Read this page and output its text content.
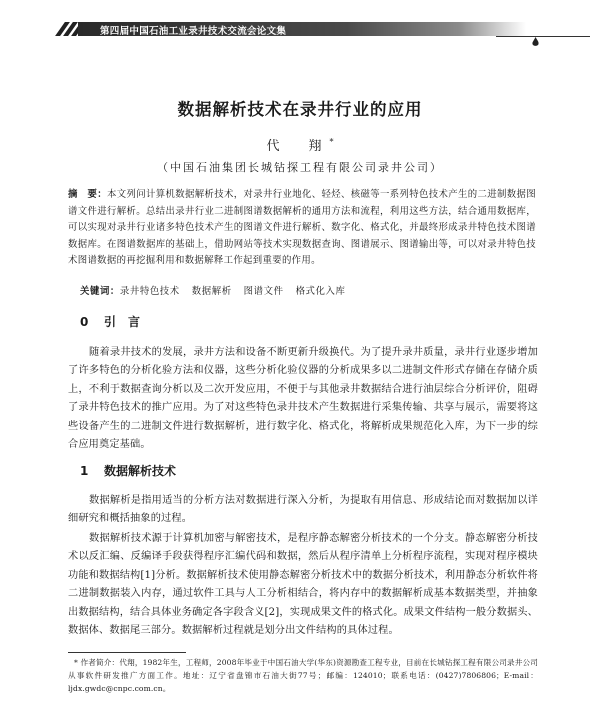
第四届中国石油工业录井技术交流会论文集
数据解析技术在录井行业的应用
代　翔*
（中国石油集团长城钻探工程有限公司录井公司）
摘　要：本文列问计算机数据解析技术，对录井行业地化、轻烃、核磁等一系列特色技术产生的二进制数据图谱文件进行解析。总结出录井行业二进制图谱数据解析的通用方法和流程，利用这些方法，结合通用数据库，可以实现对录井行业诸多特色技术产生的图谱文件进行解析、数字化、格式化，并最终形成录井特色技术图谱数据库。在图谱数据库的基础上，借助网站等技术实现数据查询、图谱展示、图谱输出等，可以对录井特色技术图谱数据的再挖掘利用和数据解释工作起到重要的作用。
关键词：录井特色技术 数据解析 图谱文件 格式化入库
0 引　言
随着录井技术的发展，录井方法和设备不断更新升级换代。为了提升录井质量，录井行业逐步增加了许多特色的分析化验方法和仪器，这些分析化验仪器的分析成果多以二进制文件形式存储在存储介质上，不利于数据查询分析以及二次开发应用，不便于与其他录井数据结合进行油层综合分析评价，阻碍了录井特色技术的推广应用。为了对这些特色录井技术产生数据进行采集传输、共享与展示，需要将这些设备产生的二进制文件进行数据解析，进行数字化、格式化，将解析成果规范化入库，为下一步的综合应用奠定基础。
1 数据解析技术
数据解析是指用适当的分析方法对数据进行深入分析，为提取有用信息、形成结论而对数据加以详细研究和概括抽象的过程。
数据解析技术源于计算机加密与解密技术，是程序静态解密分析技术的一个分支。静态解密分析技术以反汇编、反编译手段获得程序汇编代码和数据，然后从程序清单上分析程序流程，实现对程序模块功能和数据结构[1]分析。数据解析技术使用静态解密分析技术中的数据分析技术，利用静态分析软件将二进制数据装入内存，通过软件工具与人工分析相结合，将内存中的数据解析成基本数据类型，并抽象出数据结构，结合具体业务确定各字段含义[2]，实现成果文件的格式化。成果文件结构一般分数据头、数据体、数据尾三部分。数据解析过程就是划分出文件结构的具体过程。
* 作者简介：代翔，1982年生，工程师，2008年毕业于中国石油大学(华东)资源勘查工程专业，目前在长城钻探工程有限公司录井公司从事软件研发推广方面工作。地址：辽宁省盘锦市石油大街77号；邮编：124010；联系电话：(0427)7806806；E-mail：ljdx.gwdc@cnpc.com.cn。
